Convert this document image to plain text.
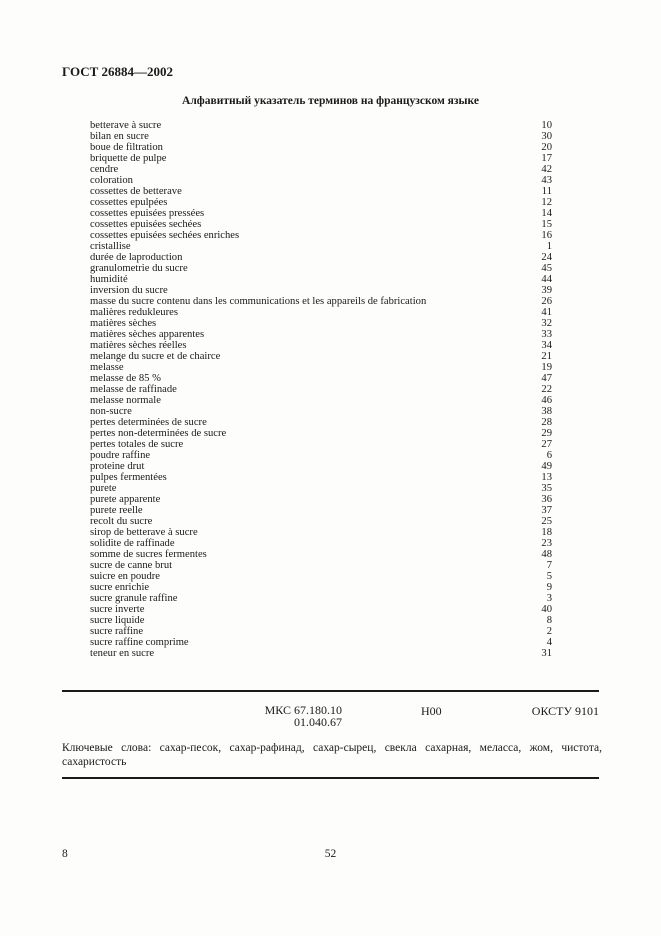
ГОСТ 26884—2002
Алфавитный указатель терминов на французском языке
betterave à sucre	10
bilan en sucre	30
boue de filtration	20
briquette de pulpe	17
cendre	42
coloration	43
cossettes de betterave	11
cossettes epulpées	12
cossettes epuisées pressées	14
cossettes epuisées sechées	15
cossettes epuisées sechées enriches	16
cristallise	1
durée de laproduction	24
granulometrie du sucre	45
humidité	44
inversion du sucre	39
masse du sucre contenu dans les communications et les appareils de fabrication	26
malières redukleures	41
matières sèches	32
matières sèches apparentes	33
matières sèches réelles	34
melange du sucre et de chairce	21
melasse	19
melasse de 85 %	47
melasse de raffinade	22
melasse normale	46
non-sucre	38
pertes determinées de sucre	28
pertes non-determinées de sucre	29
pertes totales de sucre	27
poudre raffine	6
proteine drut	49
pulpes fermentées	13
purete	35
purete apparente	36
purete reelle	37
recolt du sucre	25
sirop de betterave à sucre	18
solidite de raffinade	23
somme de sucres fermentes	48
sucre de canne brut	7
suicre en poudre	5
sucre enrichie	9
sucre granule raffine	3
sucre inverte	40
sucre liquide	8
sucre raffine	2
sucre raffine comprime	4
teneur en sucre	31
МКС 67.180.10
01.040.67
Н00	ОКСТУ 9101
Ключевые слова: сахар-песок, сахар-рафинад, сахар-сырец, свекла сахарная, меласса, жом, чистота, сахаристость
8	52
